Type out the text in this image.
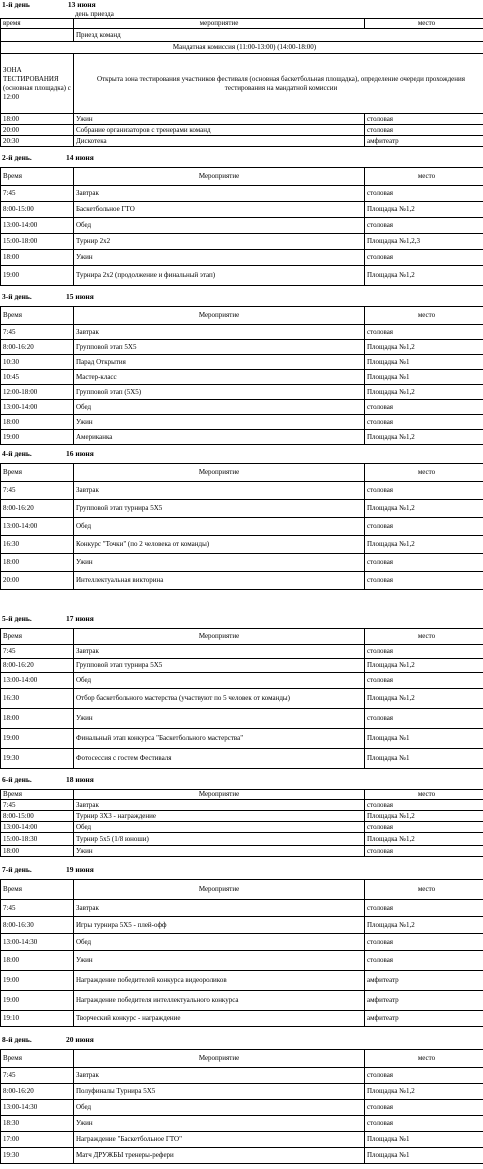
1-й день	13 июня
день приезда
время	мероприятие	место
	Приезд команд	
Мандатная комиссия (11:00-13:00) (14:00-18:00)		
ЗОНА ТЕСТИРОВАНИЯ (основная площадка) с 12:00	Открыта зона тестирования участников фестиваля (основная баскетбольная площадка), определение очереди прохождения тестирования на мандатной комиссии	
18:00	Ужин	столовая
20:00	Собрание организаторов с тренерами команд	столовая
20:30	Дискотека	амфитеатр
2-й день.	14 июня
Время	Мероприятие	место
7:45	Завтрак	столовая
8:00-15:00	Баскетбольное ГТО	Площадка №1,2
13:00-14:00	Обед	столовая
15:00-18:00	Турнир 2х2	Площадка №1,2,3
18:00	Ужин	столовая
19:00	Турнира 2х2 (продолжение и финальный этап)	Площадка №1,2
3-й день.	15 июня
Время	Мероприятие	место
7:45	Завтрак	столовая
8:00-16:20	Групповой этап 5Х5	Площадка №1,2
10:30	Парад Открытия	Площадка №1
10:45	Мастер-класс	Площадка №1
12:00-18:00	Групповой этап (5Х5)	Площадка №1,2
13:00-14:00	Обед	столовая
18:00	Ужин	столовая
19:00	Американка	Площадка №1,2
4-й день.	16 июня
Время	Мероприятие	место
7:45	Завтрак	столовая
8:00-16:20	Групповой этап турнира 5Х5	Площадка №1,2
13:00-14:00	Обед	столовая
16:30	Конкурс "Точки" (по 2 человека от команды)	Площадка №1,2
18:00	Ужин	столовая
20:00	Интеллектуальная викторина	столовая
5-й день.	17 июня
Время	Мероприятие	место
7:45	Завтрак	столовая
8:00-16:20	Групповой этап турнира 5Х5	Площадка №1,2
13:00-14:00	Обед	столовая
16:30	Отбор баскетбольного мастерства (участвуют по 5 человек от команды)	Площадка №1,2
18:00	Ужин	столовая
19:00	Финальный этап конкурса "Баскетбольного мастерства"	Площадка №1
19:30	Фотосессия с гостем Фестиваля	Площадка №1
6-й день.	18 июня
Время	Мероприятие	место
7:45	Завтрак	столовая
8:00-15:00	Турнир 3Х3 - награждение	Площадка №1,2
13:00-14:00	Обед	столовая
15:00-18:30	Турнир 5х5 (1/8 юноши)	Площадка №1,2
18:00	Ужин	столовая
7-й день.	19 июня
Время	Мероприятие	место
7:45	Завтрак	столовая
8:00-16:30	Игры турнира 5Х5 - плей-офф	Площадка №1,2
13:00-14:30	Обед	столовая
18:00	Ужин	столовая
19:00	Награждение победителей конкурса видеороликов	амфитеатр
19:00	Награждение победителя интеллектуального конкурса	амфитеатр
19:10	Творческий конкурс - награждение	амфитеатр
8-й день.	20 июня
Время	Мероприятие	место
7:45	Завтрак	столовая
8:00-16:20	Полуфиналы Турнира 5Х5	Площадка №1,2
13:00-14:30	Обед	столовая
18:30	Ужин	столовая
17:00	Награждение "Баскетбольное ГТО"	Площадка №1
19:30	Матч ДРУЖБЫ тренеры-рефери	Площадка №1
